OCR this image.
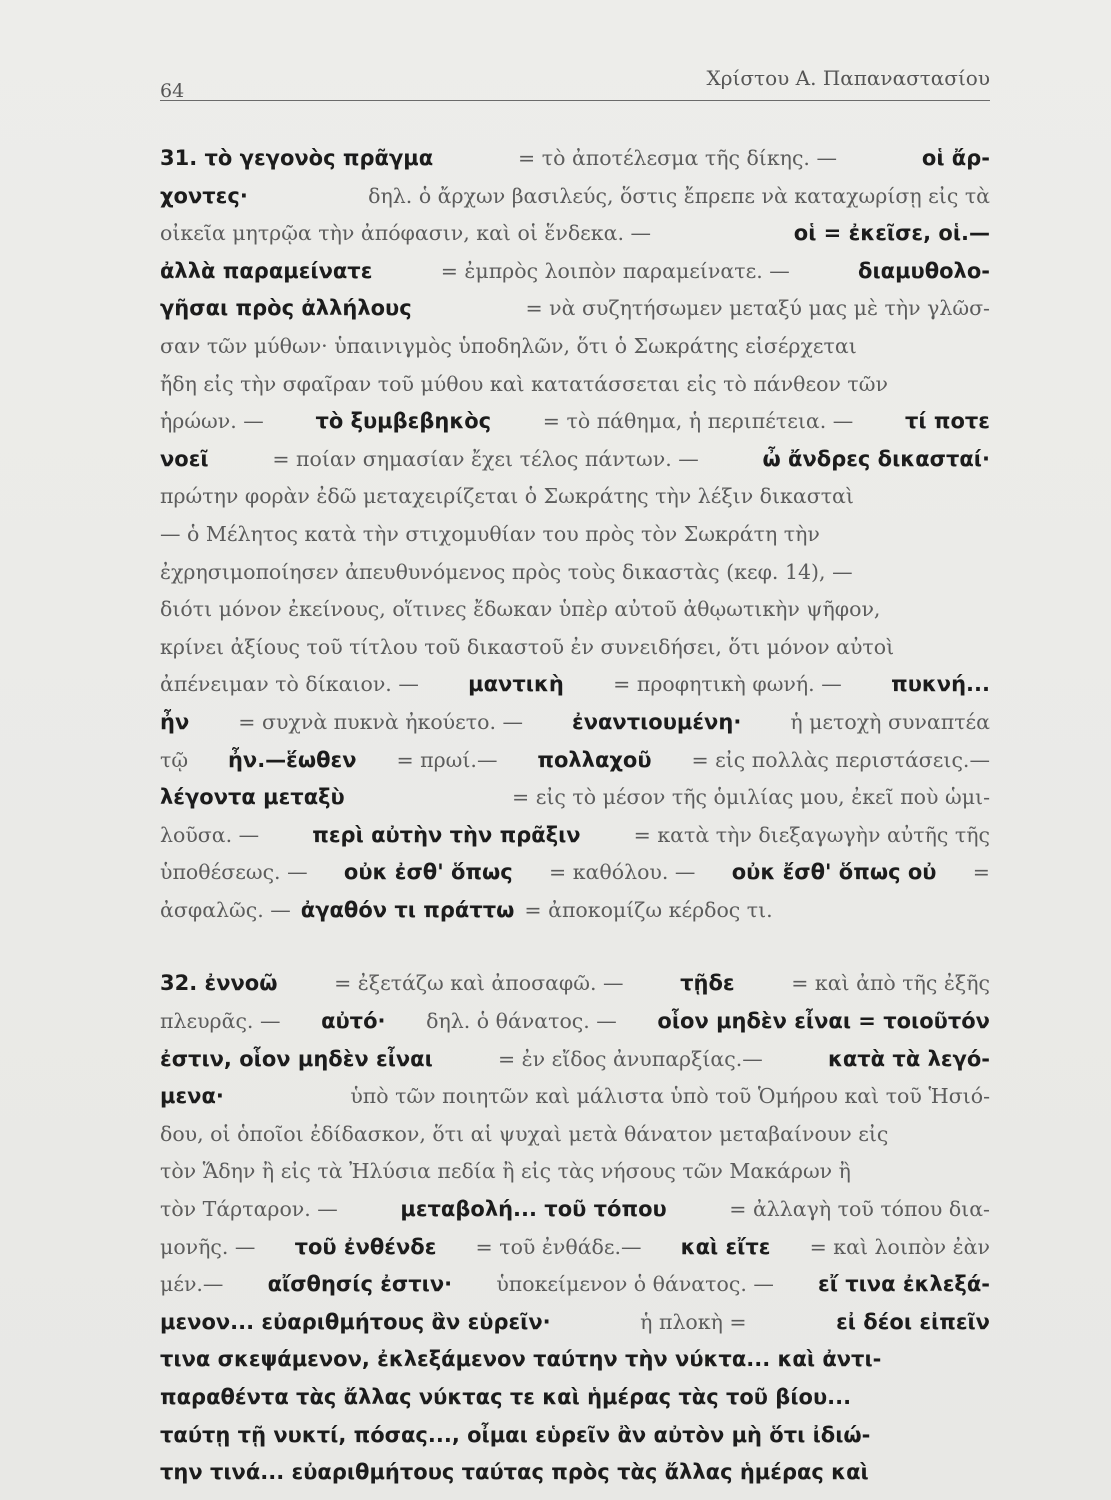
64
Χρίστου Α. Παπαναστασίου
31. τὸ γεγονὸς πρᾶγμα	= τὸ ἀποτέλεσμα τῆς δίκης. —	οἱ ἄρ-
χοντες·	δηλ. ὁ ἄρχων βασιλεύς, ὅστις ἔπρεπε νὰ καταχωρίσῃ εἰς τὰ
οἰκεῖα μητρῷα τὴν ἀπόφασιν, καὶ οἱ ἕνδεκα. —	οἱ = ἐκεῖσε, οἱ.—
ἀλλὰ παραμείνατε	= ἐμπρὸς λοιπὸν παραμείνατε. —	διαμυθολο-
γῆσαι πρὸς ἀλλήλους	= νὰ συζητήσωμεν μεταξύ μας μὲ τὴν γλῶσ-
σαν τῶν μύθων· ὑπαινιγμὸς ὑποδηλῶν, ὅτι ὁ Σωκράτης εἰσέρχεται
ἤδη εἰς τὴν σφαῖραν τοῦ μύθου καὶ κατατάσσεται εἰς τὸ πάνθεον τῶν
ἡρώων. — τὸ ξυμβεβηκὸς	= τὸ πάθημα, ἡ περιπέτεια. — τί ποτε
νοεῖ	= ποίαν σημασίαν ἔχει τέλος πάντων. —	ὦ ἄνδρες δικασταί·
πρώτην φορὰν ἐδῶ μεταχειρίζεται ὁ Σωκράτης τὴν λέξιν δικασταὶ
— ὁ Μέλητος κατὰ τὴν στιχομυθίαν του πρὸς τὸν Σωκράτη τὴν
ἐχρησιμοποίησεν ἀπευθυνόμενος πρὸς τοὺς δικαστὰς (κεφ. 14), —
διότι μόνον ἐκείνους, οἵτινες ἔδωκαν ὑπὲρ αὐτοῦ ἀθῳωτικὴν ψῆφον,
κρίνει ἀξίους τοῦ τίτλου τοῦ δικαστοῦ ἐν συνειδήσει, ὅτι μόνον αὐτοὶ
ἀπένειμαν τὸ δίκαιον. — μαντικὴ = προφητικὴ φωνή. — πυκνή...
ἦν = συχνὰ πυκνὰ ἠκούετο. — ἐναντιουμένη· ἡ μετοχὴ συναπτέα
τῷ ἦν.—ἕωθεν = πρωί.— πολλαχοῦ = εἰς πολλὰς περιστάσεις.—
λέγοντα μεταξὺ	= εἰς τὸ μέσον τῆς ὁμιλίας μου, ἐκεῖ ποὺ ὡμι-
λοῦσα. —	περὶ αὐτὴν τὴν πρᾶξιν	= κατὰ τὴν διεξαγωγὴν αὐτῆς τῆς
ὑποθέσεως. — οὐκ ἐσθ' ὅπως = καθόλου. — οὐκ ἔσθ' ὅπως οὐ =
ἀσφαλῶς. — ἀγαθόν τι πράττω = ἀποκομίζω κέρδος τι.
32. ἐννοῶ	= ἐξετάζω καὶ ἀποσαφῶ. —	τῇδε	= καὶ ἀπὸ τῆς ἐξῆς
πλευρᾶς. — αὐτό· δηλ. ὁ θάνατος. — οἷον μηδὲν εἶναι = τοιοῦτόν
ἐστιν, οἷον μηδὲν εἶναι	= ἐν εἴδος ἀνυπαρξίας.—	κατὰ τὰ λεγό-
μενα·	ὑπὸ τῶν ποιητῶν καὶ μάλιστα ὑπὸ τοῦ Ὁμήρου καὶ τοῦ Ἡσιό-
δου, οἱ ὁποῖοι ἐδίδασκον, ὅτι αἱ ψυχαὶ μετὰ θάνατον μεταβαίνουν εἰς
τὸν Ἅδην ἢ εἰς τὰ Ἠλύσια πεδία ἢ εἰς τὰς νήσους τῶν Μακάρων ἢ
τὸν Τάρταρον. —	μεταβολή... τοῦ τόπου	= ἀλλαγὴ τοῦ τόπου δια-
μονῆς. — τοῦ ἐνθένδε = τοῦ ἐνθάδε.— καὶ εἴτε = καὶ λοιπὸν ἐὰν
μέν.— αἴσθησίς ἐστιν· ὑποκείμενον ὁ θάνατος. — εἴ τινα ἐκλεξά-
μενον... εὐαριθμήτους ἂν εὑρεῖν·	ἡ πλοκὴ =	εἰ δέοι εἰπεῖν
τινα σκεψάμενον, ἐκλεξάμενον ταύτην τὴν νύκτα... καὶ ἀντι-
παραθέντα τὰς ἄλλας νύκτας τε καὶ ἡμέρας τὰς τοῦ βίου...
ταύτῃ τῇ νυκτί, πόσας..., οἶμαι εὑρεῖν ἂν αὐτὸν μὴ ὅτι ἰδιώ-
την τινά... εὐαριθμήτους ταύτας πρὸς τὰς ἄλλας ἡμέρας καὶ
